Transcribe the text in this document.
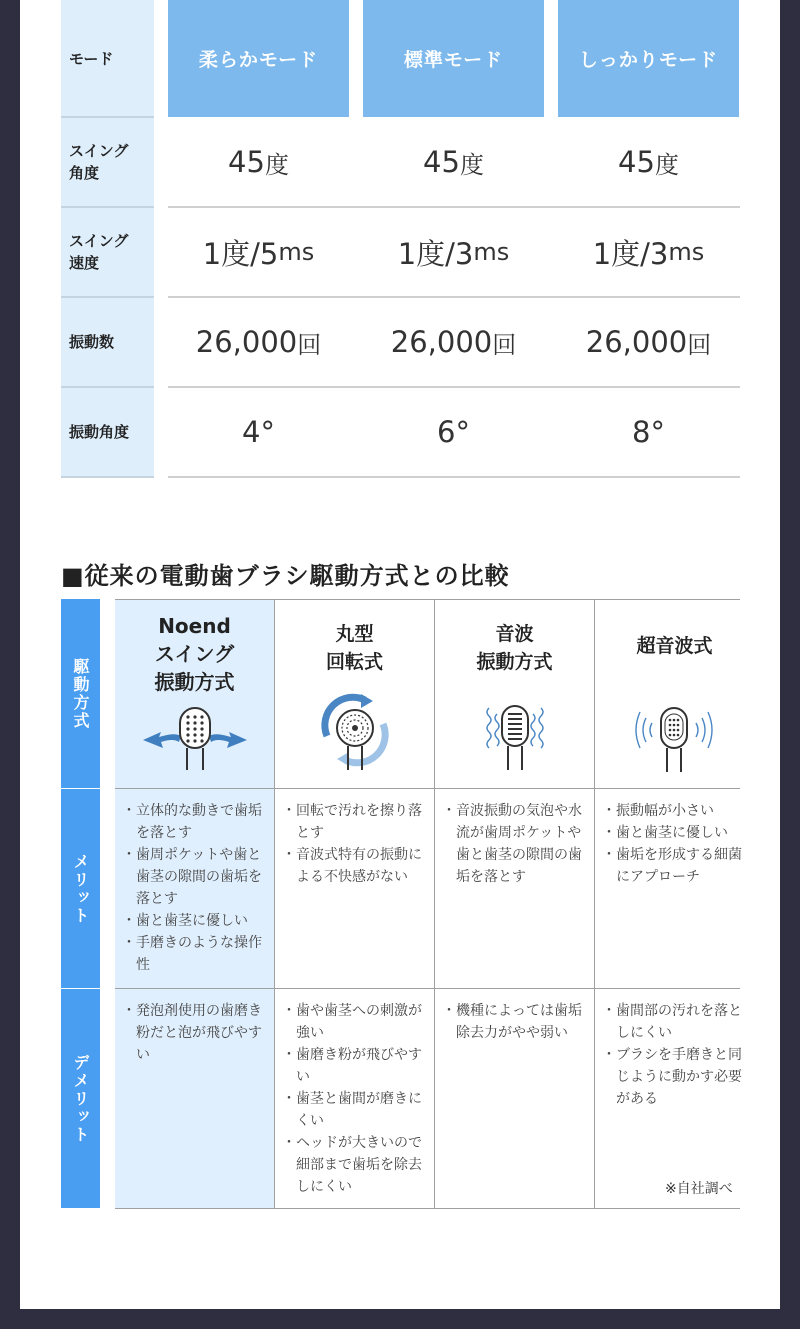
モード
スイング
角度
スイング
速度
振動数
振動角度
柔らかモード	標準モード	しっかりモード
45 度
1度/5 ms
26,000 回
4°
45 度
1度/3 ms
26,000 回
6°
45 度
1度/3 ms
26,000 回
8°
■従来の電動歯ブラシ駆動方式との比較
駆動方式
メリット
デメリット
Noend
スイング
振動方式
丸型
回転式
音波
振動方式
超音波式
・ 立体的な動きで歯垢を落とす
・ 歯周ポケットや歯と歯茎の隙間の歯垢を落とす
・ 歯と歯茎に優しい
・ 手磨きのような操作性
・ 回転で汚れを擦り落とす
・ 音波式特有の振動による不快感がない
・ 音波振動の気泡や水流が歯周ポケットや歯と歯茎の隙間の歯垢を落とす
・ 振動幅が小さい
・ 歯と歯茎に優しい
・ 歯垢を形成する細菌にアプローチ
・ 発泡剤使用の歯磨き粉だと泡が飛びやすい
・ 歯や歯茎への刺激が強い
・ 歯磨き粉が飛びやすい
・ 歯茎と歯間が磨きにくい
・ ヘッドが大きいので細部まで歯垢を除去しにくい
・ 機種によっては歯垢除去力がやや弱い
・ 歯間部の汚れを落としにくい
・ ブラシを手磨きと同じように動かす必要がある
※自社調べ
